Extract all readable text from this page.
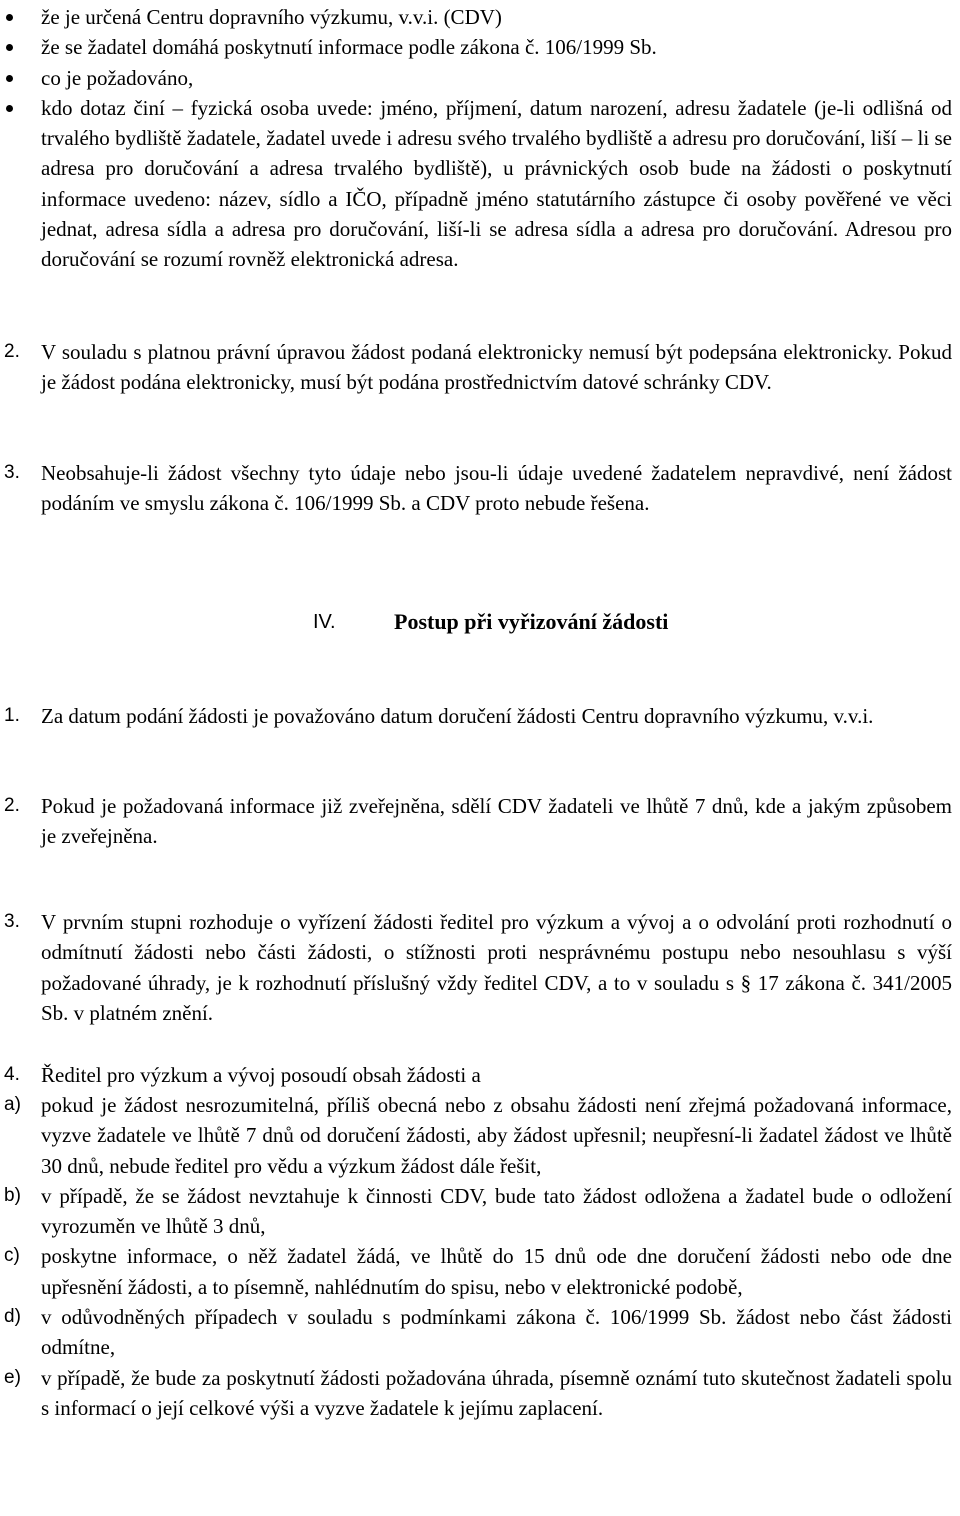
že je určená Centru dopravního výzkumu, v.v.i. (CDV)
že se žadatel domáhá poskytnutí informace podle zákona č. 106/1999 Sb.
co je požadováno,
kdo dotaz činí – fyzická osoba uvede: jméno, příjmení, datum narození, adresu žadatele (je-li odlišná od trvalého bydliště žadatele, žadatel uvede i adresu svého trvalého bydliště a adresu pro doručování, liší – li se adresa pro doručování a adresa trvalého bydliště), u právnických osob bude na žádosti o poskytnutí informace uvedeno: název, sídlo a IČO, případně jméno statutárního zástupce či osoby pověřené ve věci jednat, adresa sídla a adresa pro doručování, liší-li se adresa sídla a adresa pro doručování. Adresou pro doručování se rozumí rovněž elektronická adresa.
2. V souladu s platnou právní úpravou žádost podaná elektronicky nemusí být podepsána elektronicky. Pokud je žádost podána elektronicky, musí být podána prostřednictvím datové schránky CDV.
3. Neobsahuje-li žádost všechny tyto údaje nebo jsou-li údaje uvedené žadatelem nepravdivé, není žádost podáním ve smyslu zákona č. 106/1999 Sb. a CDV proto nebude řešena.
IV.	Postup při vyřizování žádosti
1. Za datum podání žádosti je považováno datum doručení žádosti Centru dopravního výzkumu, v.v.i.
2. Pokud je požadovaná informace již zveřejněna, sdělí CDV žadateli ve lhůtě 7 dnů, kde a jakým způsobem je zveřejněna.
3. V prvním stupni rozhoduje o vyřízení žádosti ředitel pro výzkum a vývoj a o odvolání proti rozhodnutí o odmítnutí žádosti nebo části žádosti, o stížnosti proti nesprávnému postupu nebo nesouhlasu s výší požadované úhrady, je k rozhodnutí příslušný vždy ředitel CDV, a to v souladu s § 17 zákona č. 341/2005 Sb. v platném znění.
4. Ředitel pro výzkum a vývoj posoudí obsah žádosti a
a) pokud je žádost nesrozumitelná, příliš obecná nebo z obsahu žádosti není zřejmá požadovaná informace, vyzve žadatele ve lhůtě 7 dnů od doručení žádosti, aby žádost upřesnil; neupřesní-li žadatel žádost ve lhůtě 30 dnů, nebude ředitel pro vědu a výzkum žádost dále řešit,
b) v případě, že se žádost nevztahuje k činnosti CDV, bude tato žádost odložena a žadatel bude o odložení vyrozuměn ve lhůtě 3 dnů,
c) poskytne informace, o něž žadatel žádá, ve lhůtě do 15 dnů ode dne doručení žádosti nebo ode dne upřesnění žádosti, a to písemně, nahlédnutím do spisu, nebo v elektronické podobě,
d) v odůvodněných případech v souladu s podmínkami zákona č. 106/1999 Sb. žádost nebo část žádosti odmítne,
e) v případě, že bude za poskytnutí žádosti požadována úhrada, písemně oznámí tuto skutečnost žadateli spolu s informací o její celkové výši a vyzve žadatele k jejímu zaplacení.
